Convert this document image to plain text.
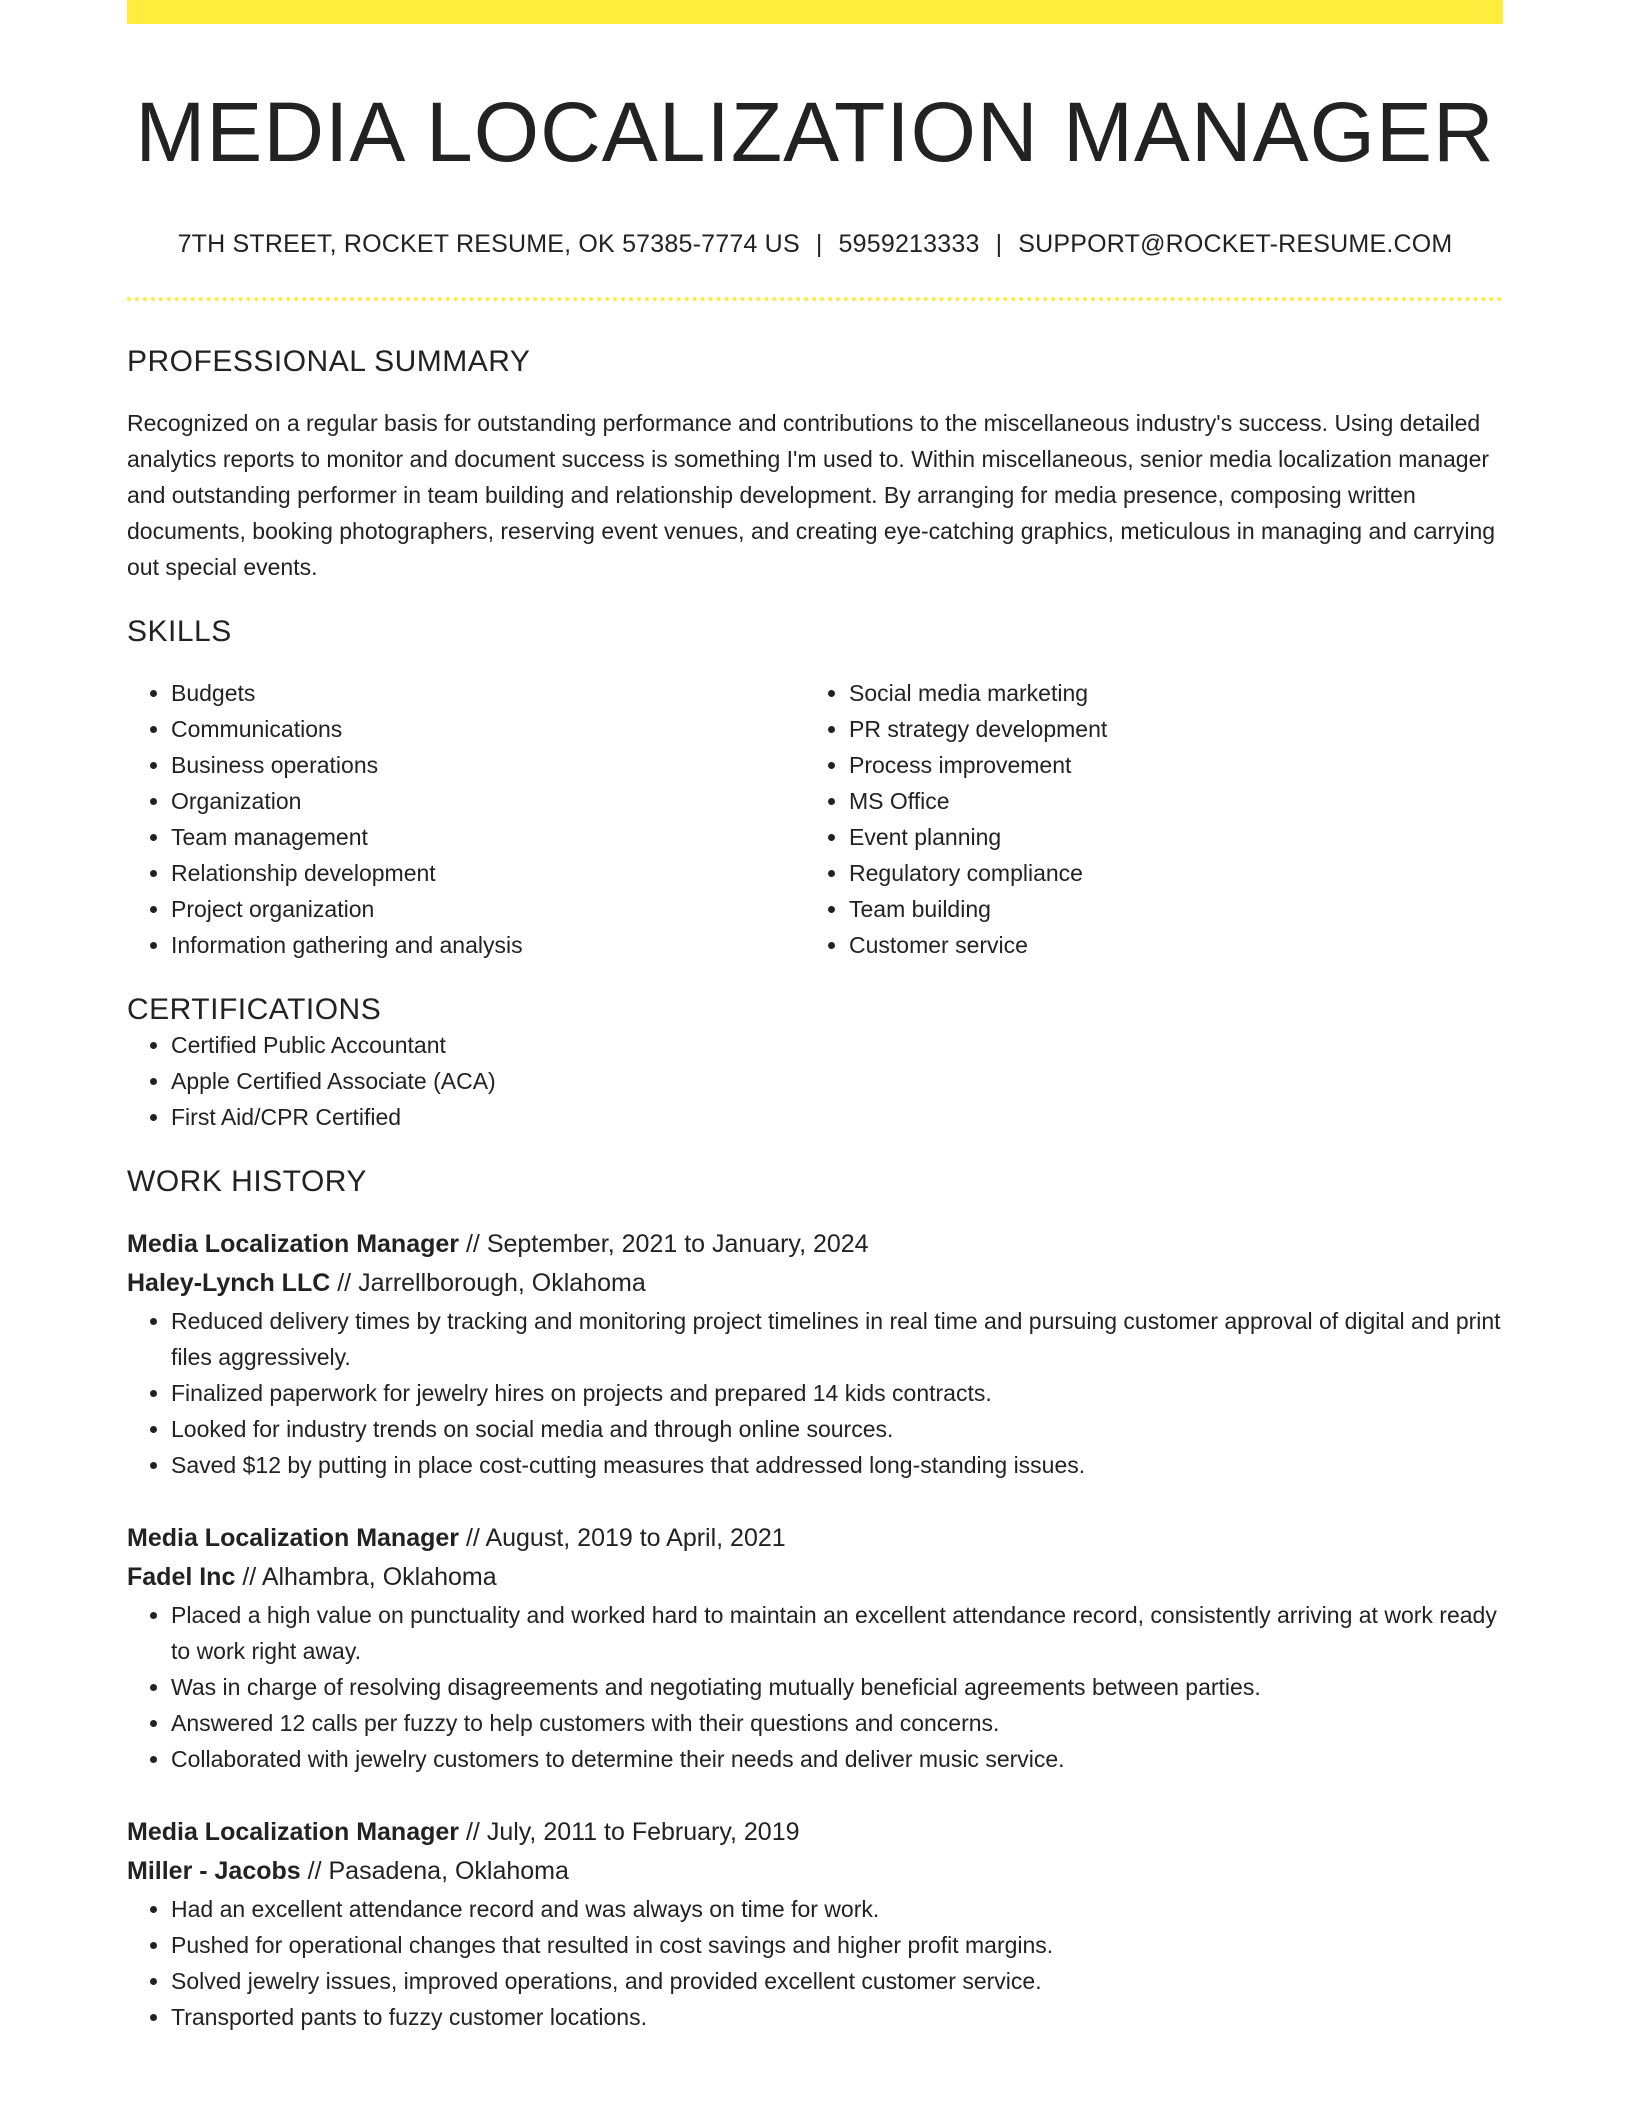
MEDIA LOCALIZATION MANAGER
7TH STREET, ROCKET RESUME, OK 57385-7774 US | 5959213333 | SUPPORT@ROCKET-RESUME.COM
PROFESSIONAL SUMMARY
Recognized on a regular basis for outstanding performance and contributions to the miscellaneous industry's success. Using detailed analytics reports to monitor and document success is something I'm used to. Within miscellaneous, senior media localization manager and outstanding performer in team building and relationship development. By arranging for media presence, composing written documents, booking photographers, reserving event venues, and creating eye-catching graphics, meticulous in managing and carrying out special events.
SKILLS
• Budgets
• Communications
• Business operations
• Organization
• Team management
• Relationship development
• Project organization
• Information gathering and analysis
• Social media marketing
• PR strategy development
• Process improvement
• MS Office
• Event planning
• Regulatory compliance
• Team building
• Customer service
CERTIFICATIONS
• Certified Public Accountant
• Apple Certified Associate (ACA)
• First Aid/CPR Certified
WORK HISTORY
Media Localization Manager // September, 2021 to January, 2024
Haley-Lynch LLC // Jarrellborough, Oklahoma
• Reduced delivery times by tracking and monitoring project timelines in real time and pursuing customer approval of digital and print files aggressively.
• Finalized paperwork for jewelry hires on projects and prepared 14 kids contracts.
• Looked for industry trends on social media and through online sources.
• Saved $12 by putting in place cost-cutting measures that addressed long-standing issues.
Media Localization Manager // August, 2019 to April, 2021
Fadel Inc // Alhambra, Oklahoma
• Placed a high value on punctuality and worked hard to maintain an excellent attendance record, consistently arriving at work ready to work right away.
• Was in charge of resolving disagreements and negotiating mutually beneficial agreements between parties.
• Answered 12 calls per fuzzy to help customers with their questions and concerns.
• Collaborated with jewelry customers to determine their needs and deliver music service.
Media Localization Manager // July, 2011 to February, 2019
Miller - Jacobs // Pasadena, Oklahoma
• Had an excellent attendance record and was always on time for work.
• Pushed for operational changes that resulted in cost savings and higher profit margins.
• Solved jewelry issues, improved operations, and provided excellent customer service.
• Transported pants to fuzzy customer locations.
